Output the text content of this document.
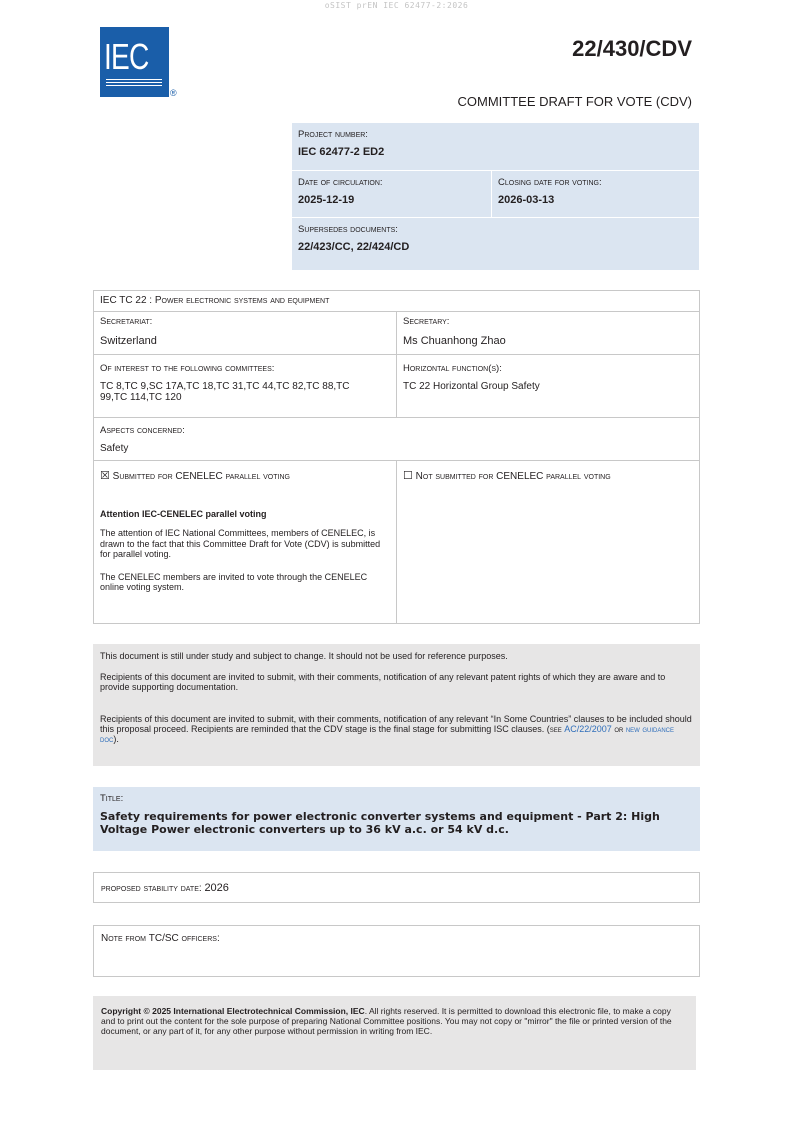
oSIST prEN IEC 62477-2:2026
IEC
®
22/430/CDV
COMMITTEE DRAFT FOR VOTE (CDV)
Project number:
IEC 62477-2 ED2
Date of circulation:
2025-12-19
Closing date for voting:
2026-03-13
Supersedes documents:
22/423/CC, 22/424/CD
IEC TC 22 : Power electronic systems and equipment
Secretariat:
Switzerland
Secretary:
Ms Chuanhong Zhao
Of interest to the following committees:
TC 8,TC 9,SC 17A,TC 18,TC 31,TC 44,TC 82,TC 88,TC 99,TC 114,TC 120
Horizontal function(s):
TC 22 Horizontal Group Safety
Aspects concerned:
Safety
☒ Submitted for CENELEC parallel voting
Attention IEC-CENELEC parallel voting
The attention of IEC National Committees, members of CENELEC, is drawn to the fact that this Committee Draft for Vote (CDV) is submitted for parallel voting.
The CENELEC members are invited to vote through the CENELEC online voting system.
☐ Not submitted for CENELEC parallel voting

This document is still under study and subject to change. It should not be used for reference purposes.

Recipients of this document are invited to submit, with their comments, notification of any relevant patent rights of which they are aware and to provide supporting documentation.

Recipients of this document are invited to submit, with their comments, notification of any relevant “In Some Countries” clauses to be included should this proposal proceed. Recipients are reminded that the CDV stage is the final stage for submitting ISC clauses. (see AC/22/2007 or new guidance doc).

Title:
Safety requirements for power electronic converter systems and equipment - Part 2: High Voltage Power electronic converters up to 36 kV a.c. or 54 kV d.c.
proposed stability date: 2026
Note from TC/SC officers:

Copyright © 2025 International Electrotechnical Commission, IEC. All rights reserved. It is permitted to download this electronic file, to make a copy and to print out the content for the sole purpose of preparing National Committee positions. You may not copy or "mirror" the file or printed version of the document, or any part of it, for any other purpose without permission in writing from IEC.
